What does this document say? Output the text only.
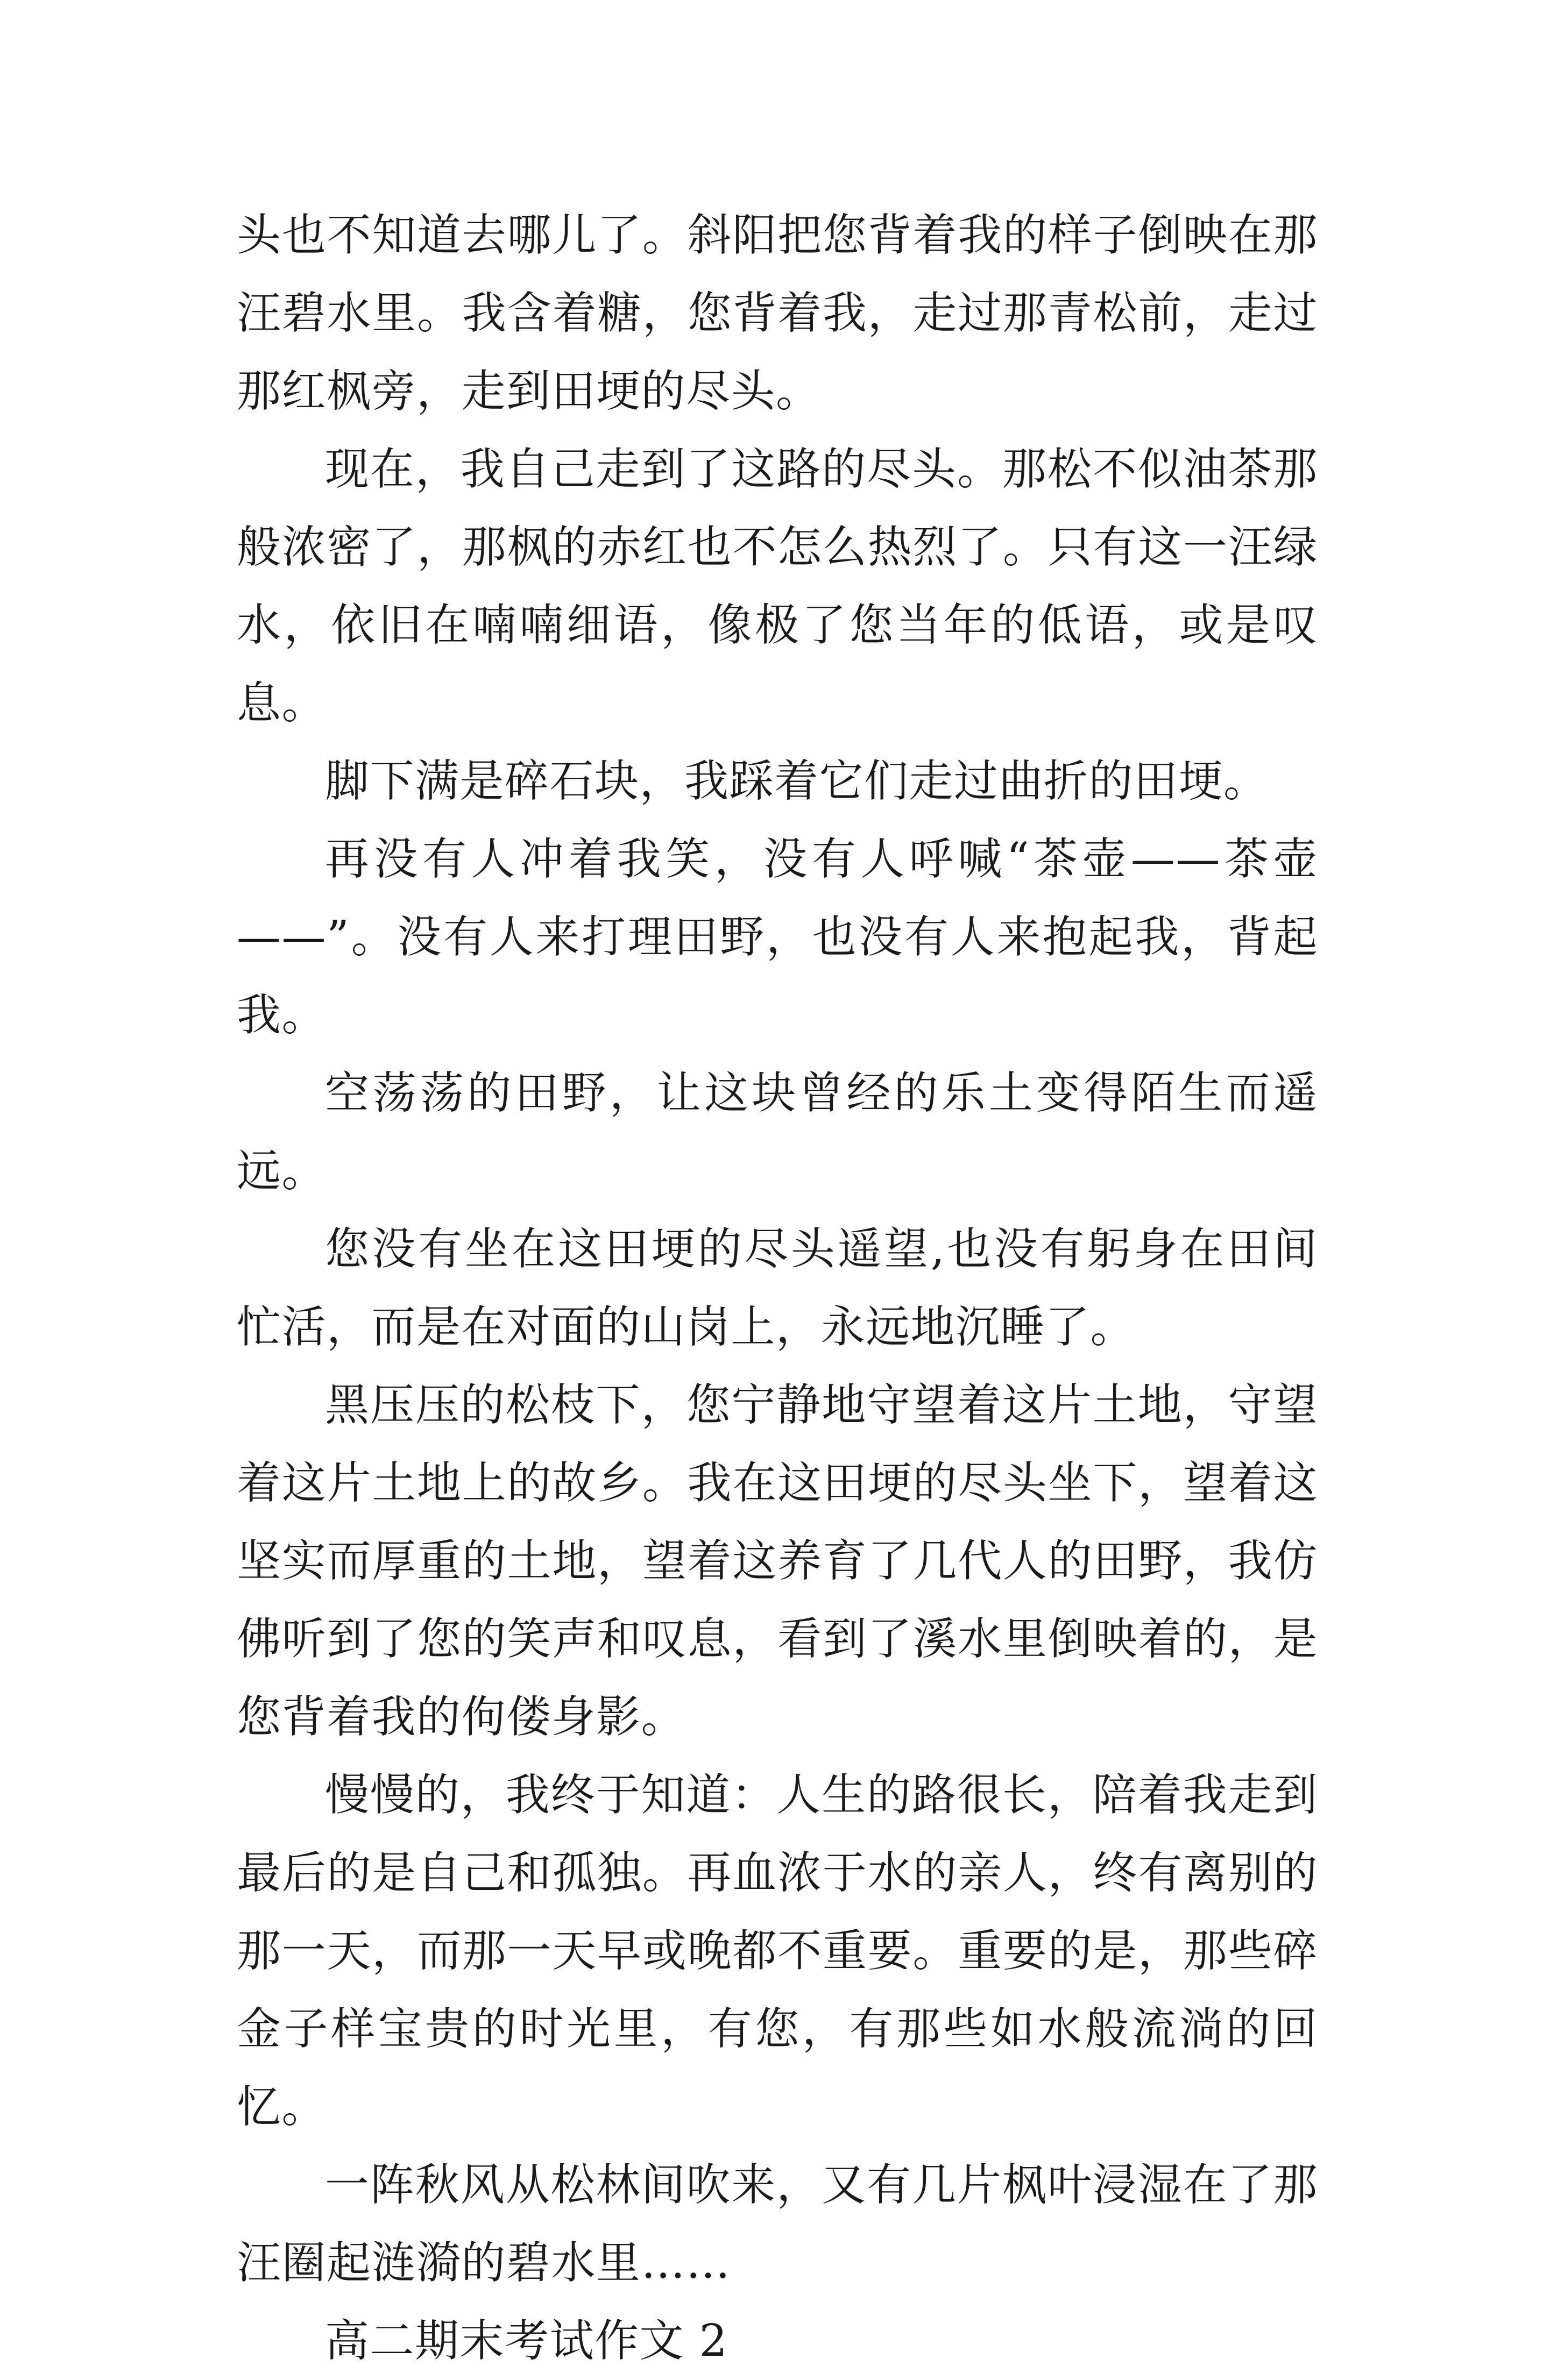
头也不知道去哪儿了。斜阳把您背着我的样子倒映在那汪碧水里。我含着糖，您背着我，走过那青松前，走过那红枫旁，走到田埂的尽头。

现在，我自己走到了这路的尽头。那松不似油茶那般浓密了，那枫的赤红也不怎么热烈了。只有这一汪绿水，依旧在喃喃细语，像极了您当年的低语，或是叹息。

脚下满是碎石块，我踩着它们走过曲折的田埂。

再没有人冲着我笑，没有人呼喊“茶壶——茶壶——”。没有人来打理田野，也没有人来抱起我，背起我。

空荡荡的田野，让这块曾经的乐土变得陌生而遥远。

您没有坐在这田埂的尽头遥望,也没有躬身在田间忙活，而是在对面的山岗上，永远地沉睡了。

黑压压的松枝下，您宁静地守望着这片土地，守望着这片土地上的故乡。我在这田埂的尽头坐下，望着这坚实而厚重的土地，望着这养育了几代人的田野，我仿佛听到了您的笑声和叹息，看到了溪水里倒映着的，是您背着我的佝偻身影。

慢慢的，我终于知道：人生的路很长，陪着我走到最后的是自己和孤独。再血浓于水的亲人，终有离别的那一天，而那一天早或晚都不重要。重要的是，那些碎金子样宝贵的时光里，有您，有那些如水般流淌的回忆。

一阵秋风从松林间吹来，又有几片枫叶浸湿在了那汪圈起涟漪的碧水里……

高二期末考试作文 2
